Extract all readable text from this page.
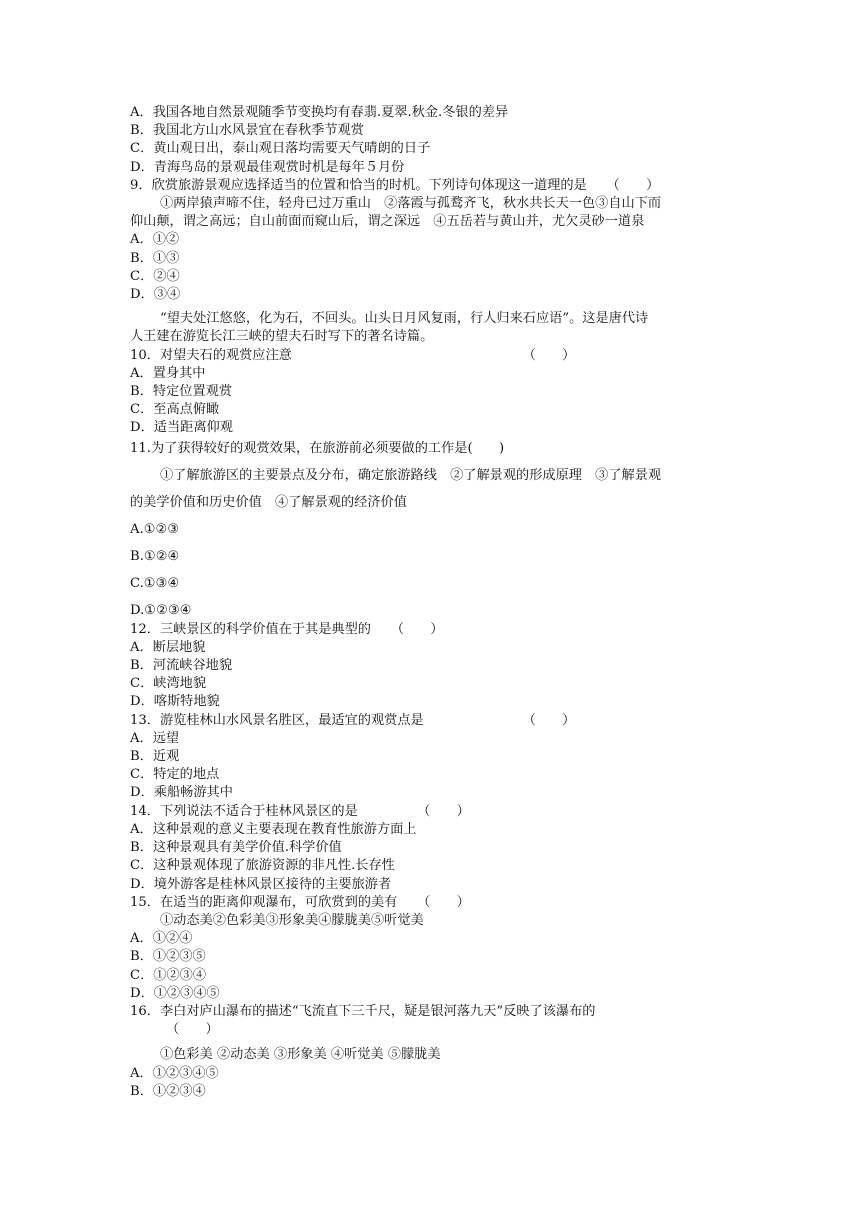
A．我国各地自然景观随季节变换均有春翡.夏翠.秋金.冬银的差异
B．我国北方山水风景宜在春秋季节观赏
C．黄山观日出，泰山观日落均需要天气晴朗的日子
D．青海鸟岛的景观最佳观赏时机是每年５月份
9．欣赏旅游景观应选择适当的位置和恰当的时机。下列诗句体现这一道理的是　　（　　）
①两岸猿声啼不住，轻舟已过万重山　②落霞与孤鹜齐飞，秋水共长天一色③自山下而
仰山颠，谓之高远；自山前面而窥山后，谓之深远　④五岳若与黄山并，尤欠灵砂一道泉
A．①②
B．①③
C．②④
D．③④
“望夫处江悠悠，化为石，不回头。山头日月风复雨，行人归来石应语”。这是唐代诗
人王建在游览长江三峡的望夫石时写下的著名诗篇。
10．对望夫石的观赏应注意　　　　　　　　　　　　　　　　　　（　　）
A．置身其中
B．特定位置观赏
C．至高点俯瞰
D．适当距离仰观
11.为了获得较好的观赏效果，在旅游前必须要做的工作是(　　)
①了解旅游区的主要景点及分布，确定旅游路线　②了解景观的形成原理　③了解景观
的美学价值和历史价值　④了解景观的经济价值
A.①②③
B.①②④
C.①③④
D.①②③④
12．三峡景区的科学价值在于其是典型的　　（　　）
A．断层地貌
B．河流峡谷地貌
C．峡湾地貌
D．喀斯特地貌
13．游览桂林山水风景名胜区，最适宜的观赏点是　　　　　　　　（　　）
A．远望
B．近观
C．特定的地点
D．乘船畅游其中
14．下列说法不适合于桂林风景区的是　　　　　（　　）
A．这种景观的意义主要表现在教育性旅游方面上
B．这种景观具有美学价值.科学价值
C．这种景观体现了旅游资源的非凡性.长存性
D．境外游客是桂林风景区接待的主要旅游者
15．在适当的距离仰观瀑布，可欣赏到的美有　　（　　）
①动态美②色彩美③形象美④朦胧美⑤听觉美
A．①②④
B．①②③⑤
C．①②③④
D．①②③④⑤
16．李白对庐山瀑布的描述“飞流直下三千尺，疑是银河落九天”反映了该瀑布的
（　　）
①色彩美 ②动态美 ③形象美 ④听觉美 ⑤朦胧美
A．①②③④⑤
B．①②③④
